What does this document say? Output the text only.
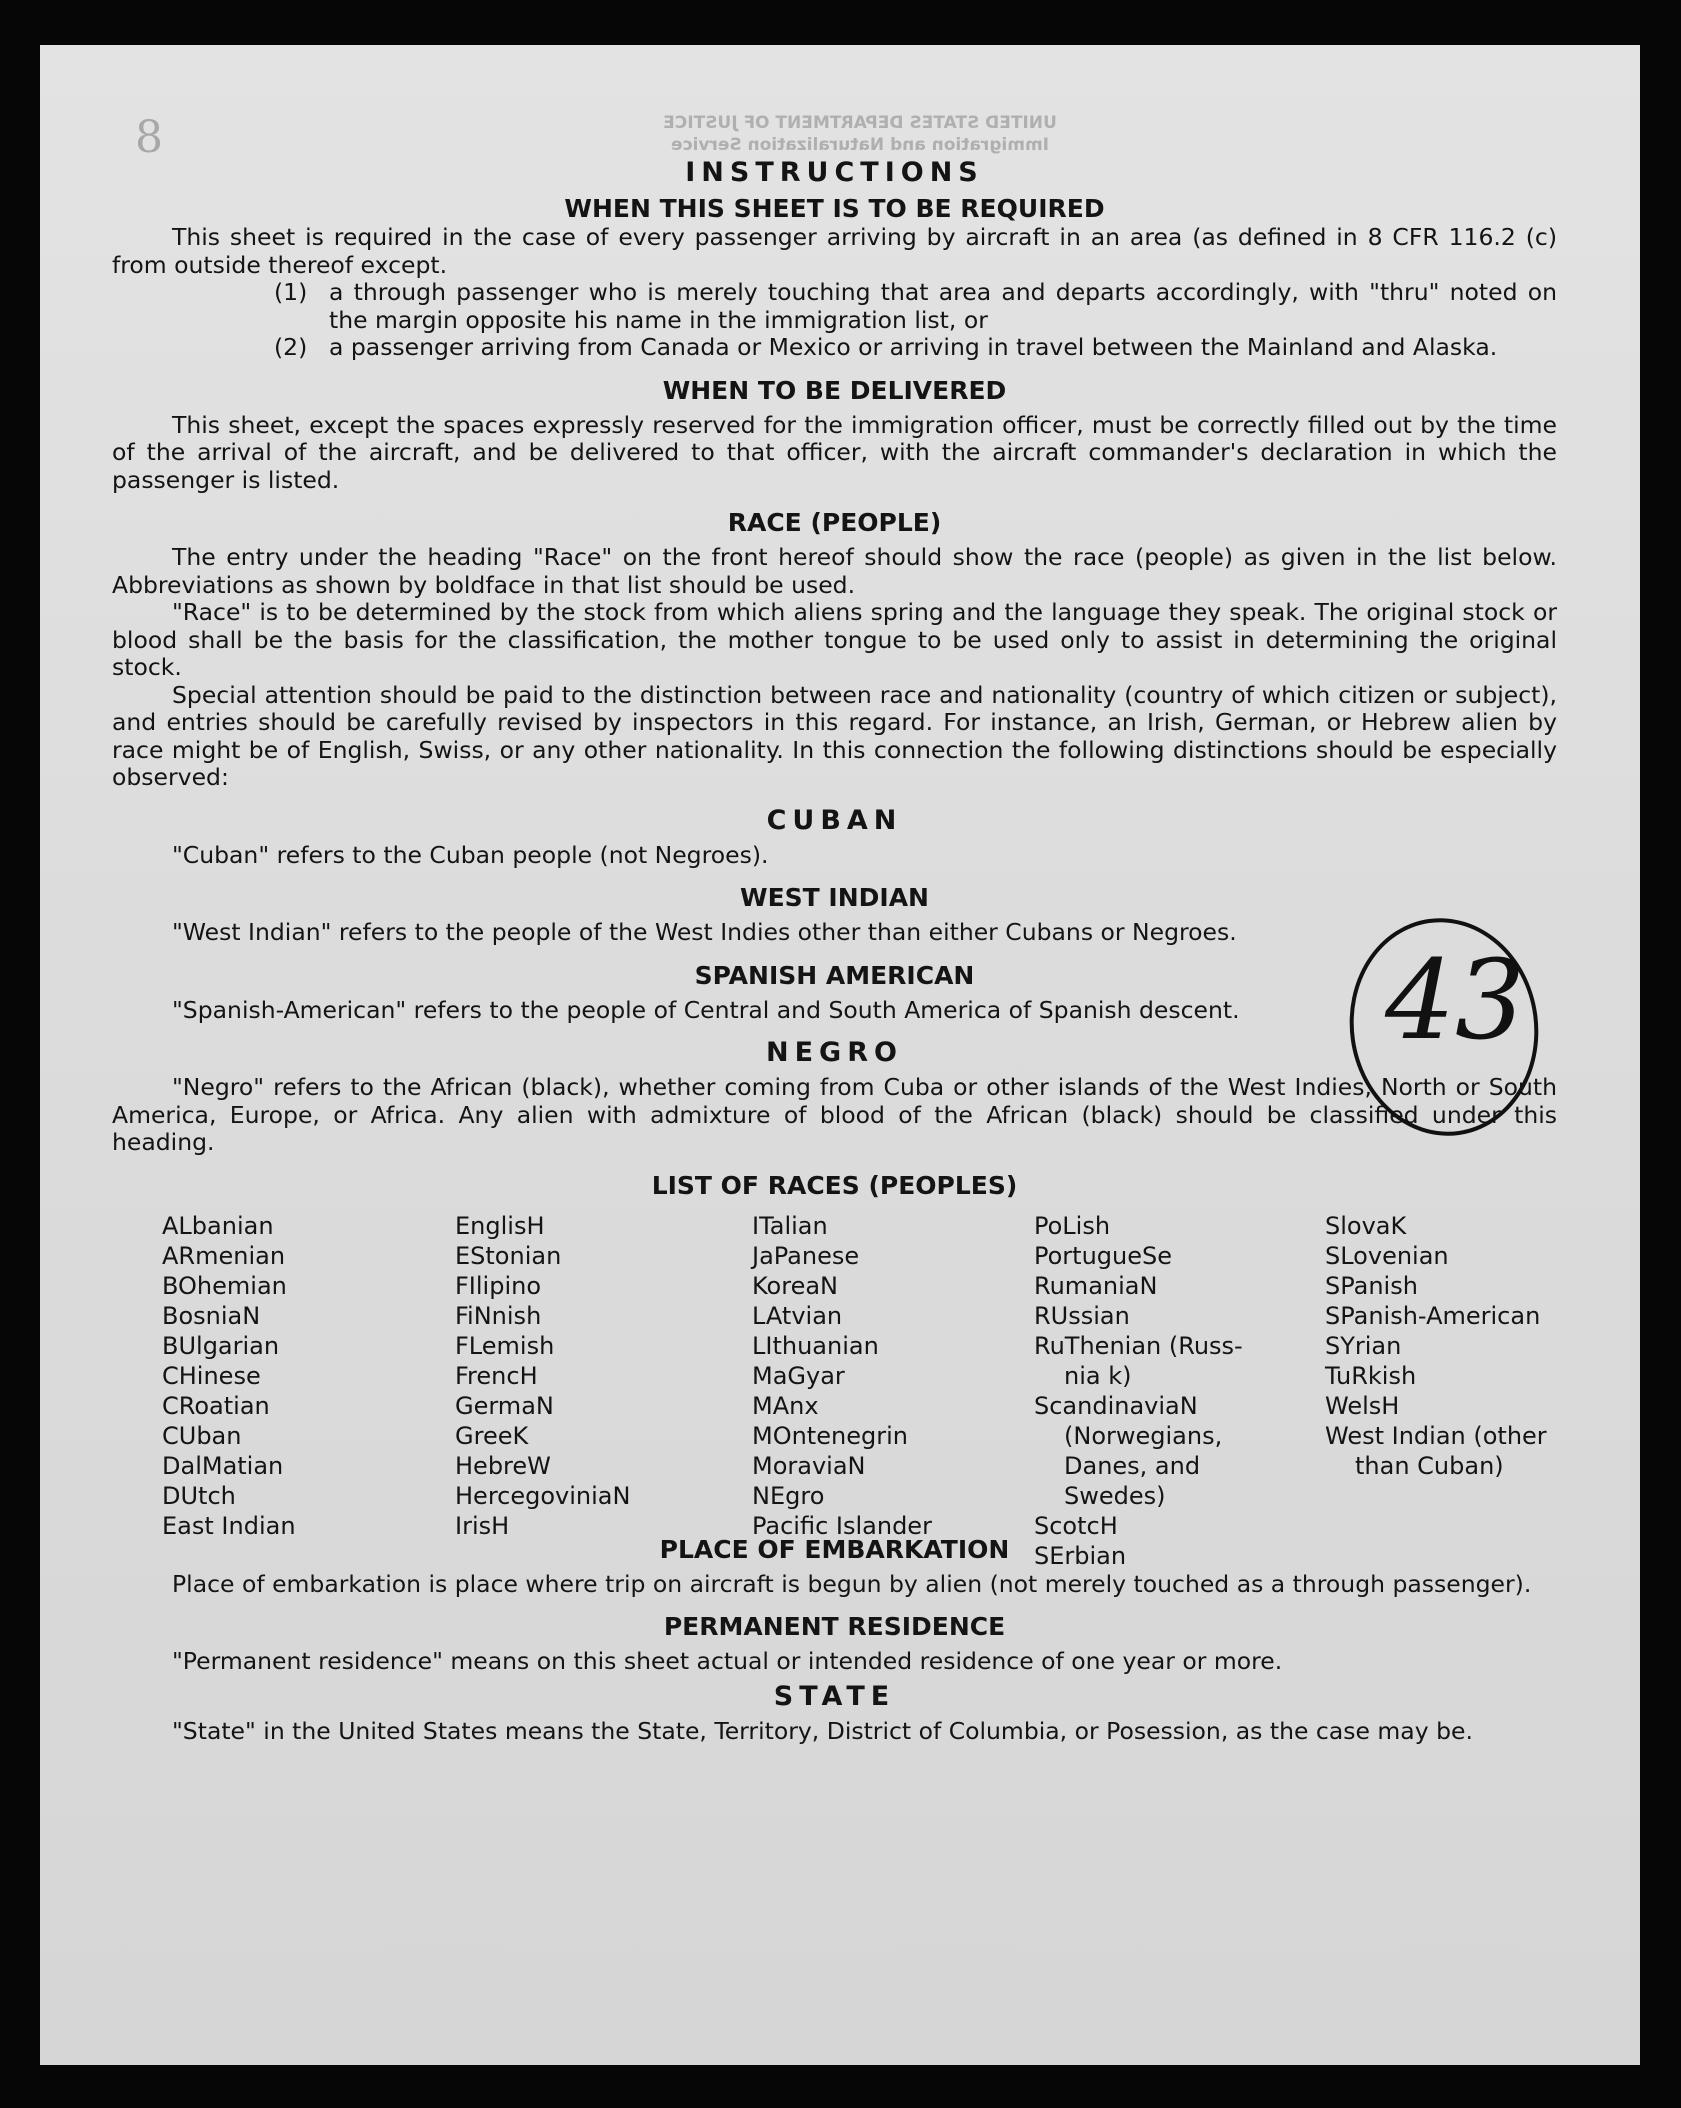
UNITED STATES DEPARTMENT OF JUSTICE
Immigration and Naturalization Service
8
INSTRUCTIONS
WHEN THIS SHEET IS TO BE REQUIRED

This sheet is required in the case of every passenger arriving by aircraft in an area (as defined in 8 CFR 116.2 (c) from outside thereof except.

(1) a through passenger who is merely touching that area and departs accordingly, with "thru" noted on the margin opposite his name in the immigration list, or
(2) a passenger arriving from Canada or Mexico or arriving in travel between the Mainland and Alaska.
WHEN TO BE DELIVERED

This sheet, except the spaces expressly reserved for the immigration officer, must be correctly filled out by the time of the arrival of the aircraft, and be delivered to that officer, with the aircraft commander's declaration in which the passenger is listed.

RACE (PEOPLE)

The entry under the heading "Race" on the front hereof should show the race (people) as given in the list below. Abbreviations as shown by boldface in that list should be used.

"Race" is to be determined by the stock from which aliens spring and the language they speak. The original stock or blood shall be the basis for the classification, the mother tongue to be used only to assist in determining the original stock.

Special attention should be paid to the distinction between race and nationality (country of which citizen or subject), and entries should be carefully revised by inspectors in this regard. For instance, an Irish, German, or Hebrew alien by race might be of English, Swiss, or any other nationality. In this connection the following distinctions should be especially observed:

CUBAN

"Cuban" refers to the Cuban people (not Negroes).

WEST INDIAN

"West Indian" refers to the people of the West Indies other than either Cubans or Negroes.

SPANISH AMERICAN

"Spanish-American" refers to the people of Central and South America of Spanish descent.

NEGRO

"Negro" refers to the African (black), whether coming from Cuba or other islands of the West Indies, North or South America, Europe, or Africa. Any alien with admixture of blood of the African (black) should be classified under this heading.

LIST OF RACES (PEOPLES)
ALbanian
ARmenian
BOhemian
BosniaN
BUlgarian
CHinese
CRoatian
CUban
DalMatian
DUtch
East Indian
EnglisH
EStonian
FIlipino
FiNnish
FLemish
FrencH
GermaN
GreeK
HebreW
HercegoviniaN
IrisH
ITalian
JaPanese
KoreaN
LAtvian
LIthuanian
MaGyar
MAnx
MOntenegrin
MoraviaN
NEgro
Pacific Islander
PoLish
PortugueSe
RumaniaN
RUssian
RuThenian (Russ-
nia k)
ScandinaviaN
(Norwegians,
Danes, and
Swedes)
ScotcH
SErbian
SlovaK
SLovenian
SPanish
SPanish-American
SYrian
TuRkish
WelsH
West Indian (other
than Cuban)
PLACE OF EMBARKATION

Place of embarkation is place where trip on aircraft is begun by alien (not merely touched as a through passenger).

PERMANENT RESIDENCE

"Permanent residence" means on this sheet actual or intended residence of one year or more.

STATE

"State" in the United States means the State, Territory, District of Columbia, or Posession, as the case may be.

43
